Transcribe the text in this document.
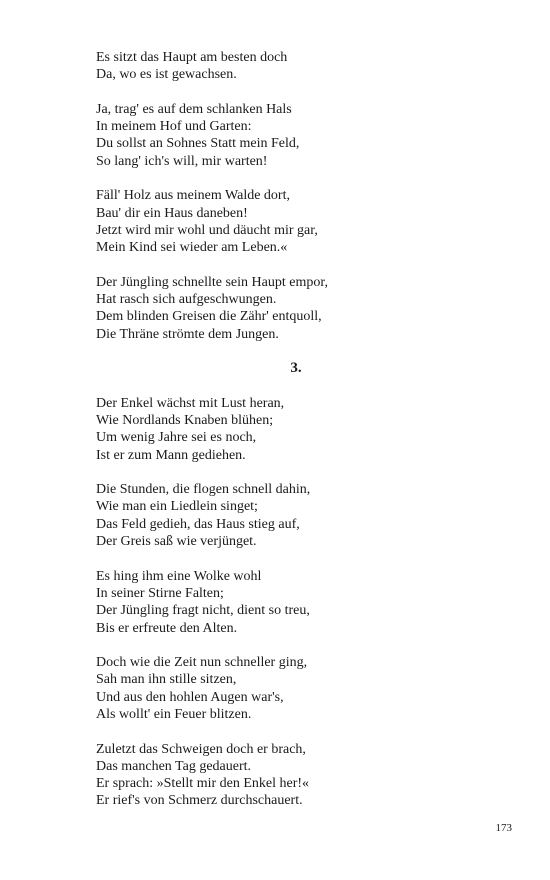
Es sitzt das Haupt am besten doch
Da, wo es ist gewachsen.
Ja, trag' es auf dem schlanken Hals
In meinem Hof und Garten:
Du sollst an Sohnes Statt mein Feld,
So lang' ich's will, mir warten!
Fäll' Holz aus meinem Walde dort,
Bau' dir ein Haus daneben!
Jetzt wird mir wohl und däucht mir gar,
Mein Kind sei wieder am Leben.«
Der Jüngling schnellte sein Haupt empor,
Hat rasch sich aufgeschwungen.
Dem blinden Greisen die Zähr' entquoll,
Die Thräne strömte dem Jungen.
3.
Der Enkel wächst mit Lust heran,
Wie Nordlands Knaben blühen;
Um wenig Jahre sei es noch,
Ist er zum Mann gediehen.
Die Stunden, die flogen schnell dahin,
Wie man ein Liedlein singet;
Das Feld gedieh, das Haus stieg auf,
Der Greis saß wie verjünget.
Es hing ihm eine Wolke wohl
In seiner Stirne Falten;
Der Jüngling fragt nicht, dient so treu,
Bis er erfreute den Alten.
Doch wie die Zeit nun schneller ging,
Sah man ihn stille sitzen,
Und aus den hohlen Augen war's,
Als wollt' ein Feuer blitzen.
Zuletzt das Schweigen doch er brach,
Das manchen Tag gedauert.
Er sprach: »Stellt mir den Enkel her!«
Er rief's von Schmerz durchschauert.
173
